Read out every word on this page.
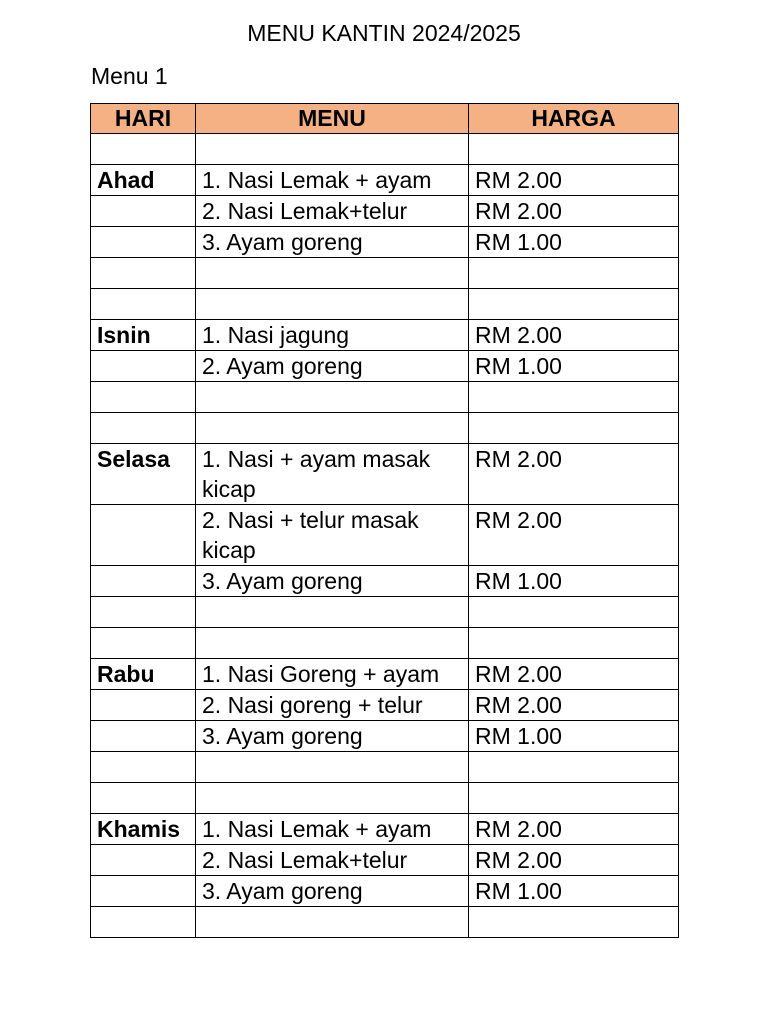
MENU KANTIN 2024/2025
Menu 1
HARI	MENU	HARGA

Ahad	1. Nasi Lemak + ayam	RM 2.00
	2. Nasi Lemak+telur	RM 2.00
	3. Ayam goreng	RM 1.00

Isnin	1. Nasi jagung	RM 2.00
	2. Ayam goreng	RM 1.00

Selasa	1. Nasi + ayam masak kicap	RM 2.00
	2. Nasi + telur masak kicap	RM 2.00
	3. Ayam goreng	RM 1.00

Rabu	1. Nasi Goreng + ayam	RM 2.00
	2. Nasi goreng + telur	RM 2.00
	3. Ayam goreng	RM 1.00

Khamis	1. Nasi Lemak + ayam	RM 2.00
	2. Nasi Lemak+telur	RM 2.00
	3. Ayam goreng	RM 1.00
